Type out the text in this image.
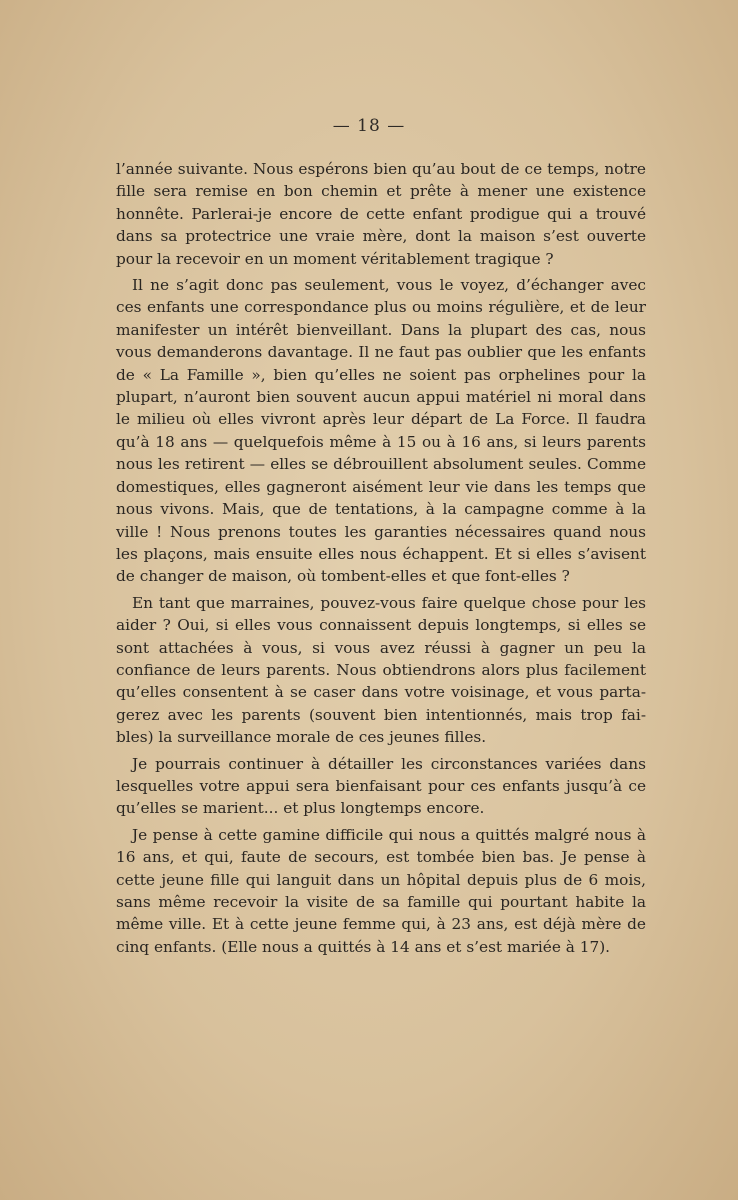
— 18 —

l’année suivante. Nous espérons bien qu’au bout de ce temps, notre fille sera remise en bon chemin et prête à mener une existence honnête. Parlerai-je encore de cette enfant prodigue qui a trouvé dans sa protectrice une vraie mère, dont la maison s’est ouverte pour la recevoir en un moment véritablement tragique ?

Il ne s’agit donc pas seulement, vous le voyez, d’échanger avec ces enfants une correspondance plus ou moins régulière, et de leur manifester un intérêt bienveillant. Dans la plupart des cas, nous vous demanderons davantage. Il ne faut pas oublier que les enfants de « La Famille », bien qu’elles ne soient pas orphelines pour la plupart, n’auront bien souvent aucun appui matériel ni moral dans le milieu où elles vivront après leur départ de La Force. Il faudra qu’à 18 ans — quelquefois même à 15 ou à 16 ans, si leurs parents nous les retirent — elles se débrouillent absolument seules. Comme domestiques, elles gagneront aisément leur vie dans les temps que nous vivons. Mais, que de tentations, à la campagne comme à la ville ! Nous prenons toutes les garanties nécessaires quand nous les plaçons, mais ensuite elles nous échappent. Et si elles s’avisent de changer de maison, où tombent-elles et que font-elles ?

En tant que marraines, pouvez-vous faire quelque chose pour les aider ? Oui, si elles vous connaissent depuis longtemps, si elles se sont attachées à vous, si vous avez réussi à gagner un peu la confiance de leurs parents. Nous obtiendrons alors plus facilement qu’elles consentent à se caser dans votre voisinage, et vous partagerez avec les parents (souvent bien intentionnés, mais trop faibles) la surveillance morale de ces jeunes filles.

Je pourrais continuer à détailler les circonstances variées dans lesquelles votre appui sera bienfaisant pour ces enfants jusqu’à ce qu’elles se marient... et plus longtemps encore.

Je pense à cette gamine difficile qui nous a quittés malgré nous à 16 ans, et qui, faute de secours, est tombée bien bas. Je pense à cette jeune fille qui languit dans un hôpital depuis plus de 6 mois, sans même recevoir la visite de sa famille qui pourtant habite la même ville. Et à cette jeune femme qui, à 23 ans, est déjà mère de cinq enfants. (Elle nous a quittés à 14 ans et s’est mariée à 17).
